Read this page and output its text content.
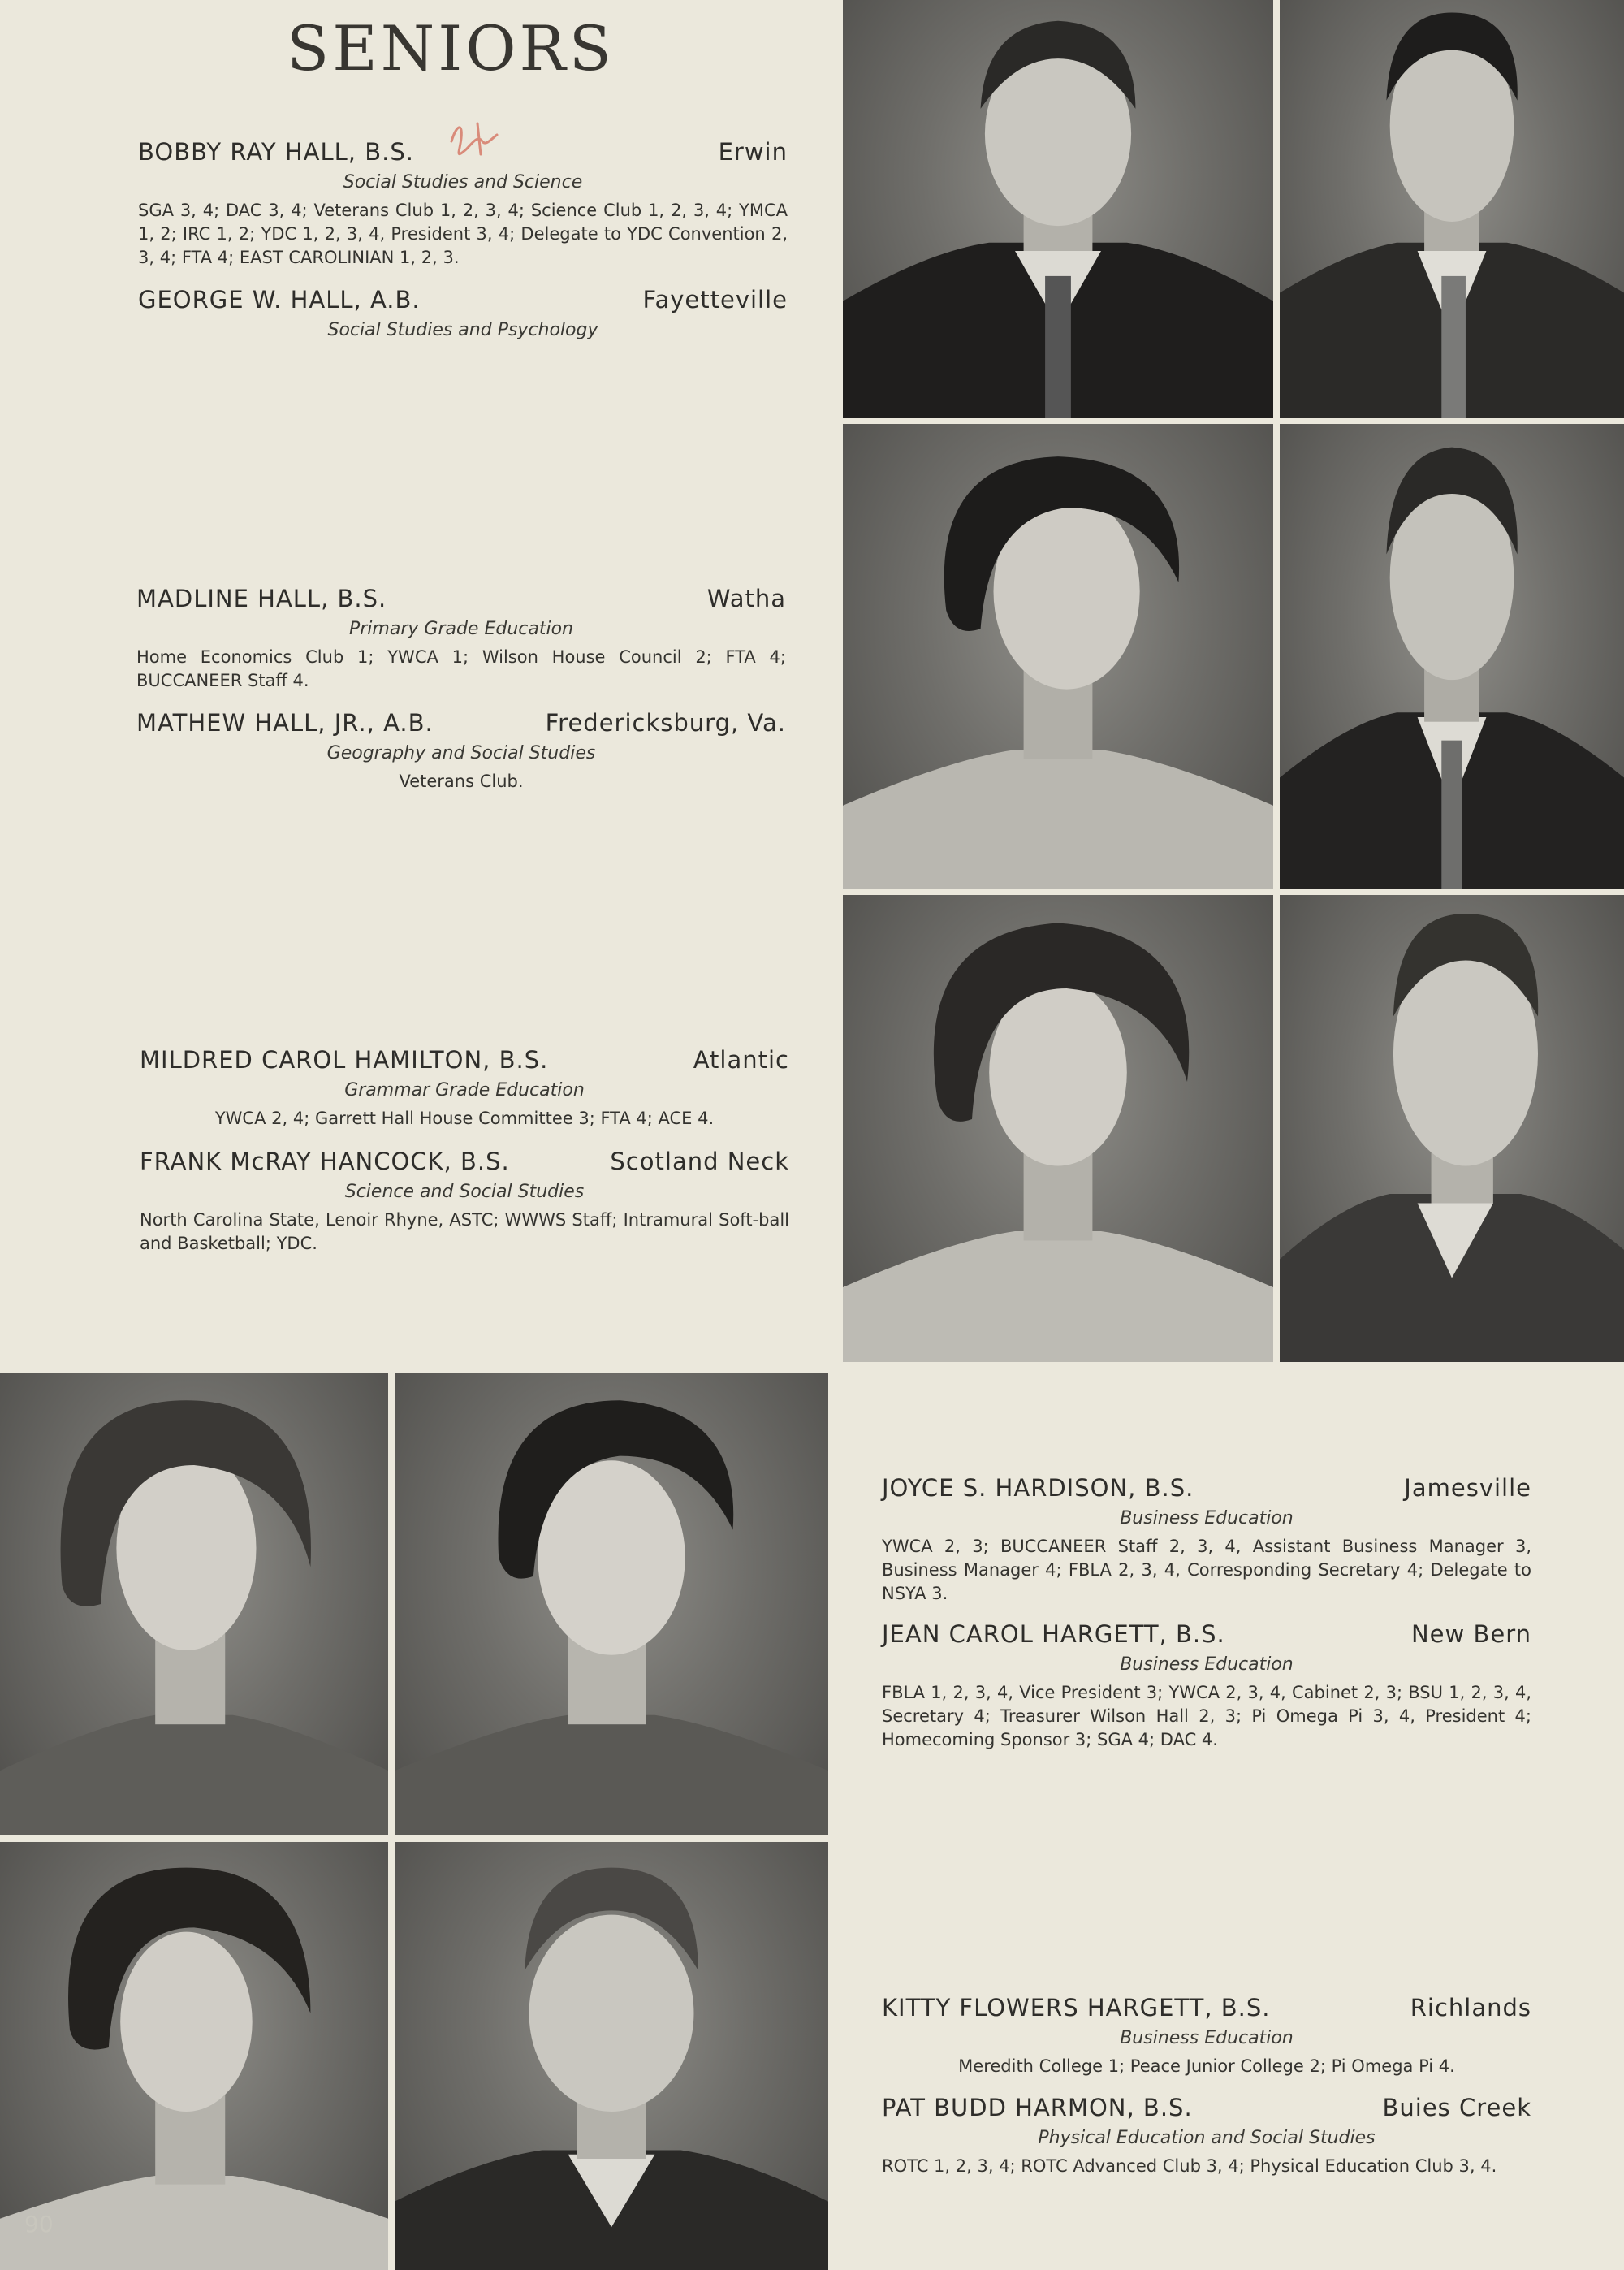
SENIORS
BOBBY RAY HALL, B.S.	Erwin
Social Studies and Science
SGA 3, 4; DAC 3, 4; Veterans Club 1, 2, 3, 4; Science Club 1, 2, 3, 4; YMCA 1, 2; IRC 1, 2; YDC 1, 2, 3, 4, President 3, 4; Delegate to YDC Convention 2, 3, 4; FTA 4; EAST CAROLINIAN 1, 2, 3.
GEORGE W. HALL, A.B.	Fayetteville
Social Studies and Psychology
MADLINE HALL, B.S.	Watha
Primary Grade Education
Home Economics Club 1; YWCA 1; Wilson House Council 2; FTA 4; BUCCANEER Staff 4.
MATHEW HALL, JR., A.B.	Fredericksburg, Va.
Geography and Social Studies
Veterans Club.
MILDRED CAROL HAMILTON, B.S.	Atlantic
Grammar Grade Education
YWCA 2, 4; Garrett Hall House Committee 3; FTA 4; ACE 4.
FRANK McRAY HANCOCK, B.S.	Scotland Neck
Science and Social Studies
North Carolina State, Lenoir Rhyne, ASTC; WWWS Staff; Intramural Soft-ball and Basketball; YDC.
JOYCE S. HARDISON, B.S.	Jamesville
Business Education
YWCA 2, 3; BUCCANEER Staff 2, 3, 4, Assistant Business Manager 3, Business Manager 4; FBLA 2, 3, 4, Corresponding Secretary 4; Delegate to NSYA 3.
JEAN CAROL HARGETT, B.S.	New Bern
Business Education
FBLA 1, 2, 3, 4, Vice President 3; YWCA 2, 3, 4, Cabinet 2, 3; BSU 1, 2, 3, 4, Secretary 4; Treasurer Wilson Hall 2, 3; Pi Omega Pi 3, 4, President 4; Homecoming Sponsor 3; SGA 4; DAC 4.
KITTY FLOWERS HARGETT, B.S.	Richlands
Business Education
Meredith College 1; Peace Junior College 2; Pi Omega Pi 4.
PAT BUDD HARMON, B.S.	Buies Creek
Physical Education and Social Studies
ROTC 1, 2, 3, 4; ROTC Advanced Club 3, 4; Physical Education Club 3, 4.
90
